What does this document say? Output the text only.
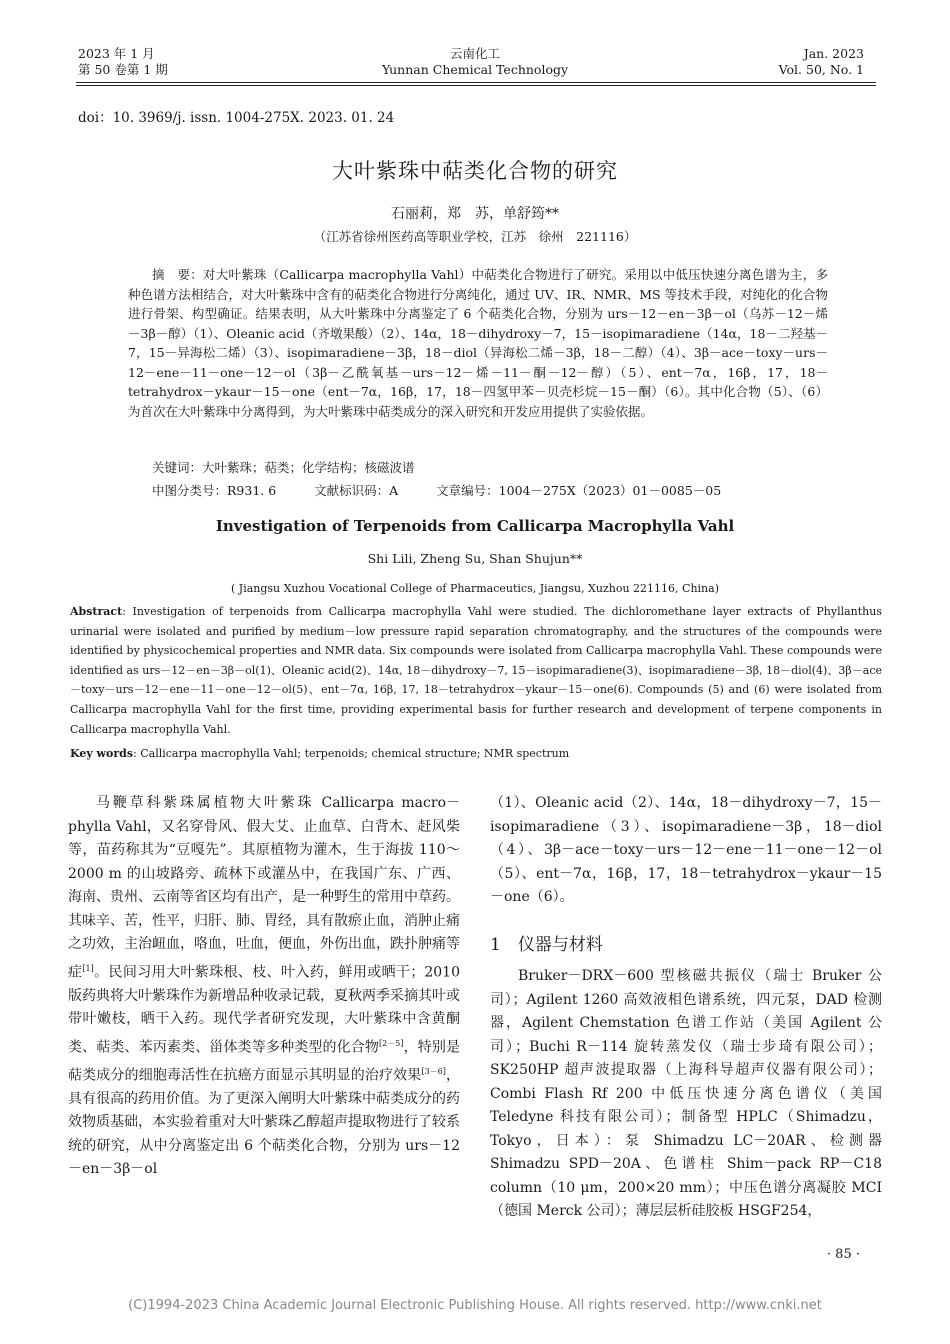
2023 年 1 月
第 50 卷第 1 期
云南化工
Yunnan Chemical Technology
Jan. 2023
Vol. 50, No. 1
doi：10. 3969/j. issn. 1004-275X. 2023. 01. 24
大叶紫珠中萜类化合物的研究
石丽莉，郑　苏，单舒筠**
（江苏省徐州医药高等职业学校，江苏　徐州　221116）

摘　要：对大叶紫珠（Callicarpa macrophylla Vahl）中萜类化合物进行了研究。采用以中低压快速分离色谱为主，多种色谱方法相结合，对大叶紫珠中含有的萜类化合物进行分离纯化，通过 UV、IR、NMR、MS 等技术手段，对纯化的化合物进行骨架、构型确证。结果表明，从大叶紫珠中分离鉴定了 6 个萜类化合物，分别为 urs－12－en－3β－ol（乌苏－12－烯－3β－醇）（1）、Oleanic acid（齐墩果酸）（2）、14α，18－dihydroxy－7，15－isopimaradiene（14α，18－二羟基－7，15－异海松二烯）（3）、isopimaradiene－3β，18－diol（异海松二烯－3β，18－二醇）（4）、3β－ace－toxy－urs－12－ene－11－one－12－ol（3β－乙酰氧基－urs－12－烯－11－酮－12－醇）（5）、ent－7α，16β，17，18－tetrahydrox－ykaur－15－one（ent－7α，16β，17，18－四氢甲苯－贝壳杉烷－15－酮）（6）。其中化合物（5）、（6）为首次在大叶紫珠中分离得到，为大叶紫珠中萜类成分的深入研究和开发应用提供了实验依据。

关键词：大叶紫珠；萜类；化学结构；核磁波谱
中图分类号：R931. 6	文献标识码：A	文章编号：1004－275X（2023）01－0085－05
Investigation of Terpenoids from Callicarpa Macrophylla Vahl
Shi Lili, Zheng Su, Shan Shujun**
( Jiangsu Xuzhou Vocational College of Pharmaceutics, Jiangsu, Xuzhou 221116, China)
Abstract: Investigation of terpenoids from Callicarpa macrophylla Vahl were studied. The dichloromethane layer extracts of Phyllanthus urinarial were isolated and purified by medium－low pressure rapid separation chromatography, and the structures of the compounds were identified by physicochemical properties and NMR data. Six compounds were isolated from Callicarpa macrophylla Vahl. These compounds were identified as urs－12－en－3β－ol(1)、Oleanic acid(2)、14α, 18－dihydroxy－7, 15－isopimaradiene(3)、isopimaradiene－3β, 18－diol(4)、3β－ace－toxy－urs－12－ene－11－one－12－ol(5)、ent－7α, 16β, 17, 18－tetrahydrox－ykaur－15－one(6). Compounds (5) and (6) were isolated from Callicarpa macrophylla Vahl for the first time, providing experimental basis for further research and development of terpene components in Callicarpa macrophylla Vahl.
Key words: Callicarpa macrophylla Vahl; terpenoids; chemical structure; NMR spectrum

马鞭草科紫珠属植物大叶紫珠 Callicarpa macro－phylla Vahl，又名穿骨风、假大艾、止血草、白背木、赶风柴等，苗药称其为“豆嘎先”。其原植物为灌木，生于海拔 110～2000 m 的山坡路旁、疏林下或灌丛中，在我国广东、广西、海南、贵州、云南等省区均有出产，是一种野生的常用中草药。其味辛、苦，性平，归肝、肺、胃经，具有散瘀止血，消肿止痛之功效，主治衄血，咯血，吐血，便血，外伤出血，跌扑肿痛等症[1]。民间习用大叶紫珠根、枝、叶入药，鲜用或晒干；2010 版药典将大叶紫珠作为新增品种收录记载，夏秋两季采摘其叶或带叶嫩枝，晒干入药。现代学者研究发现，大叶紫珠中含黄酮类、萜类、苯丙素类、甾体类等多种类型的化合物[2－5]，特别是萜类成分的细胞毒活性在抗癌方面显示其明显的治疗效果[3－6]，具有很高的药用价值。为了更深入阐明大叶紫珠中萜类成分的药效物质基础，本实验着重对大叶紫珠乙醇超声提取物进行了较系统的研究，从中分离鉴定出 6 个萜类化合物，分别为 urs－12－en－3β－ol

（1）、Oleanic acid（2）、14α，18－dihydroxy－7，15－isopimaradiene（3）、isopimaradiene－3β，18－diol（4）、3β－ace－toxy－urs－12－ene－11－one－12－ol（5）、ent－7α，16β，17，18－tetrahydrox－ykaur－15－one（6）。

1　仪器与材料

Bruker－DRX－600 型核磁共振仪（瑞士 Bruker 公司）；Agilent 1260 高效液相色谱系统，四元泵，DAD 检测器，Agilent Chemstation 色谱工作站（美国 Agilent 公司）；Buchi R－114 旋转蒸发仪（瑞士步琦有限公司）；SK250HP 超声波提取器（上海科导超声仪器有限公司）；Combi Flash Rf 200 中低压快速分离色谱仪（美国 Teledyne 科技有限公司）；制备型 HPLC（Shimadzu，Tokyo，日本）：泵 Shimadzu LC－20AR、检测器 Shimadzu SPD－20A、色谱柱 Shim－pack RP－C18 column（10 μm，200×20 mm）；中压色谱分离凝胶 MCI（德国 Merck 公司）；薄层层析硅胶板 HSGF254，

· 85 ·
(C)1994-2023 China Academic Journal Electronic Publishing House. All rights reserved. http://www.cnki.net
